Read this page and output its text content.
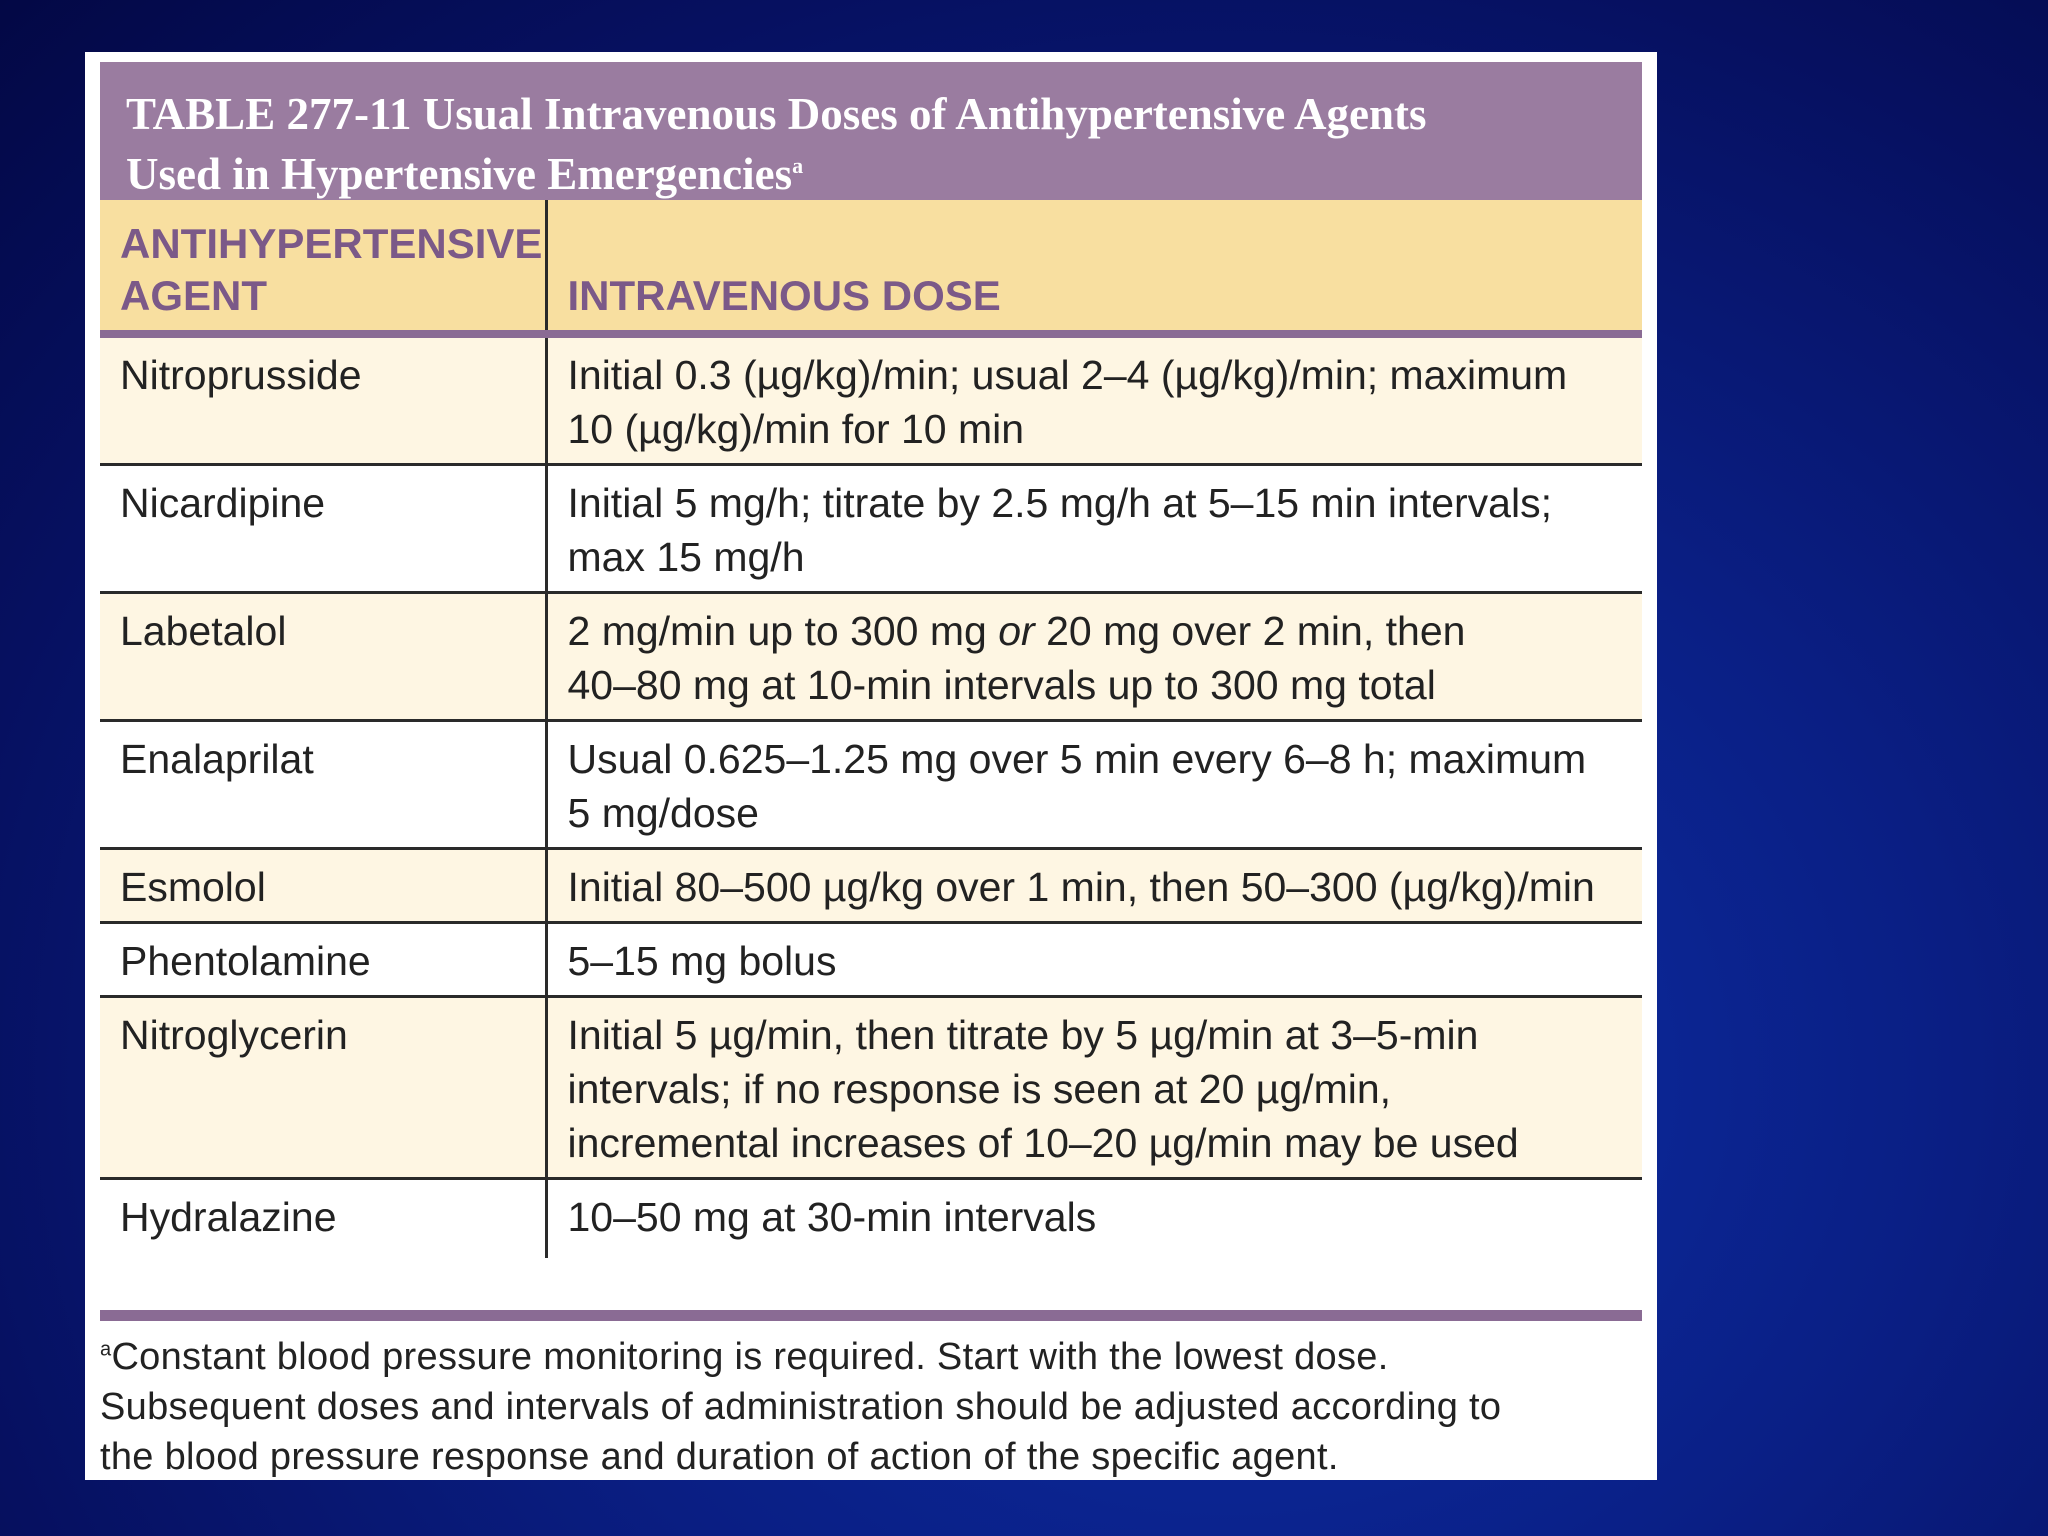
TABLE 277-11 Usual Intravenous Doses of Antihypertensive Agents
Used in Hypertensive Emergencies$^a$
ANTIHYPERTENSIVE
AGENT	INTRAVENOUS DOSE

Nitroprusside	Initial 0.3 (µg/kg)/min; usual 2–4 (µg/kg)/min; maximum
10 (µg/kg)/min for 10 min

Nicardipine	Initial 5 mg/h; titrate by 2.5 mg/h at 5–15 min intervals;
max 15 mg/h

Labetalol	2 mg/min up to 300 mg or 20 mg over 2 min, then
40–80 mg at 10-min intervals up to 300 mg total

Enalaprilat	Usual 0.625–1.25 mg over 5 min every 6–8 h; maximum
5 mg/dose

Esmolol	Initial 80–500 µg/kg over 1 min, then 50–300 (µg/kg)/min

Phentolamine	5–15 mg bolus

Nitroglycerin	Initial 5 µg/min, then titrate by 5 µg/min at 3–5-min
intervals; if no response is seen at 20 µg/min,
incremental increases of 10–20 µg/min may be used

Hydralazine	10–50 mg at 30-min intervals
$^a$Constant blood pressure monitoring is required. Start with the lowest dose.
Subsequent doses and intervals of administration should be adjusted according to
the blood pressure response and duration of action of the specific agent.
